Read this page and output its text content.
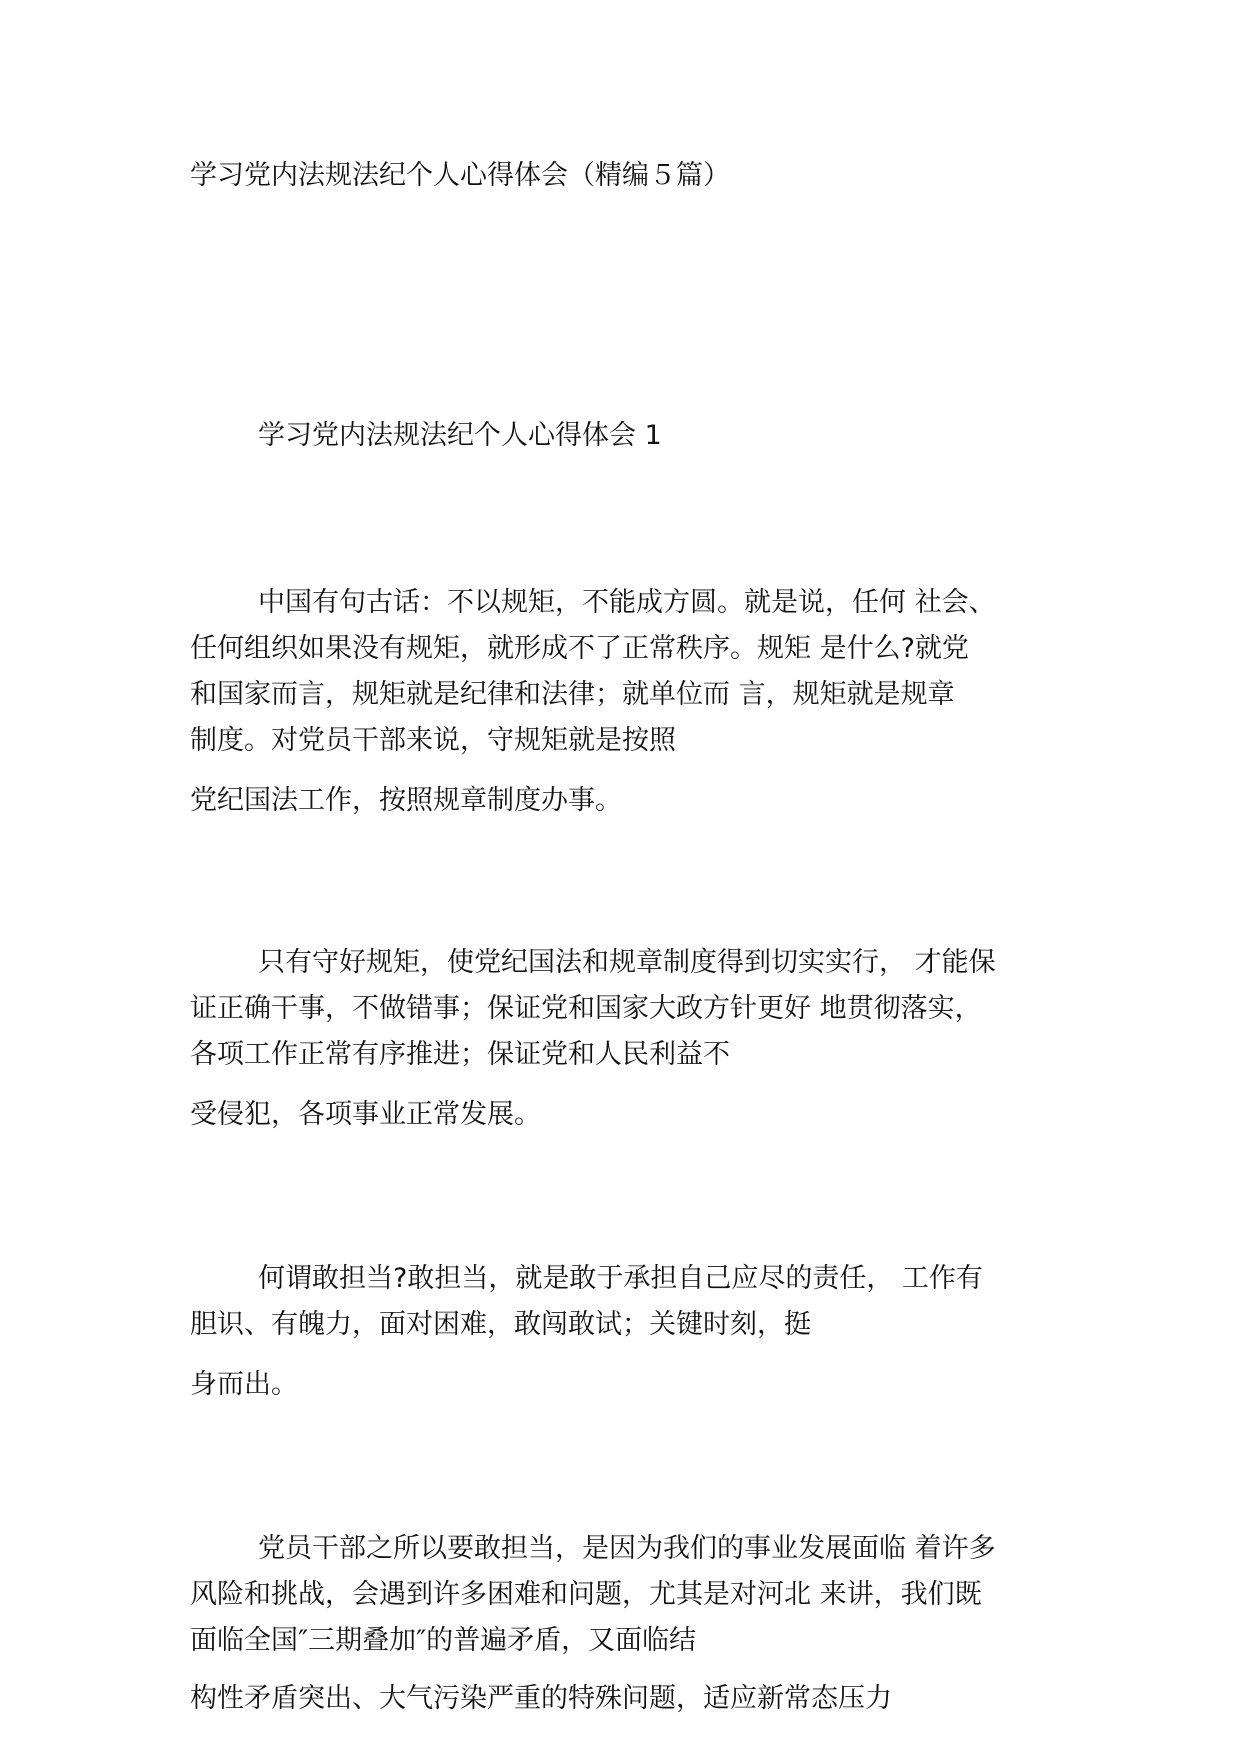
学习党内法规法纪个人心得体会（精编５篇）
学习党内法规法纪个人心得体会 1
中国有句古话：不以规矩，不能成方圆。就是说，任何 社会、
任何组织如果没有规矩，就形成不了正常秩序。规矩 是什么?就党
和国家而言，规矩就是纪律和法律；就单位而 言，规矩就是规章
制度。对党员干部来说，守规矩就是按照
党纪国法工作，按照规章制度办事。
只有守好规矩，使党纪国法和规章制度得到切实实行， 才能保
证正确干事，不做错事；保证党和国家大政方针更好 地贯彻落实，
各项工作正常有序推进；保证党和人民利益不
受侵犯，各项事业正常发展。
何谓敢担当?敢担当，就是敢于承担自己应尽的责任， 工作有
胆识、有魄力，面对困难，敢闯敢试；关键时刻，挺
身而出。
党员干部之所以要敢担当，是因为我们的事业发展面临 着许多
风险和挑战，会遇到许多困难和问题，尤其是对河北 来讲，我们既
面临全国″三期叠加″的普遍矛盾，又面临结
构性矛盾突出、大气污染严重的特殊问题，适应新常态压力
